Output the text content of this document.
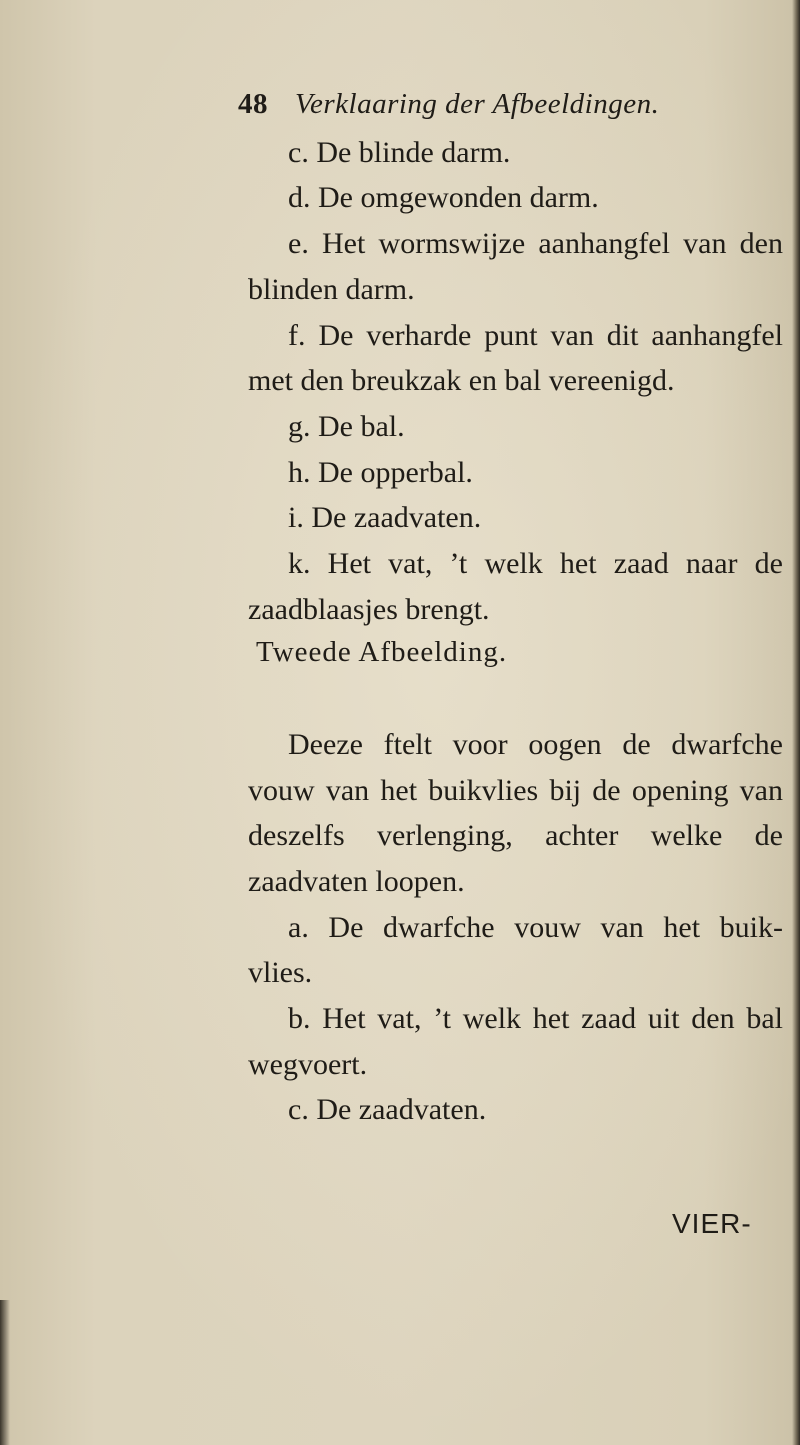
48 Verklaaring der Afbeeldingen.
c. De blinde darm.
d. De omgewonden darm.
e. Het wormswijze aanhangfel van den
blinden darm.
f. De verharde punt van dit aanhangfel
met den breukzak en bal vereenigd.
g. De bal.
h. De opperbal.
i. De zaadvaten.
k. Het vat, ’t welk het zaad naar de
zaadblaasjes brengt.
Tweede Afbeelding.
Deeze ftelt voor oogen de dwarfche
vouw van het buikvlies bij de opening van
deszelfs verlenging, achter welke de
zaadvaten loopen.
a. De dwarfche vouw van het buik-
vlies.
b. Het vat, ’t welk het zaad uit den bal
wegvoert.
c. De zaadvaten.
VIER-
